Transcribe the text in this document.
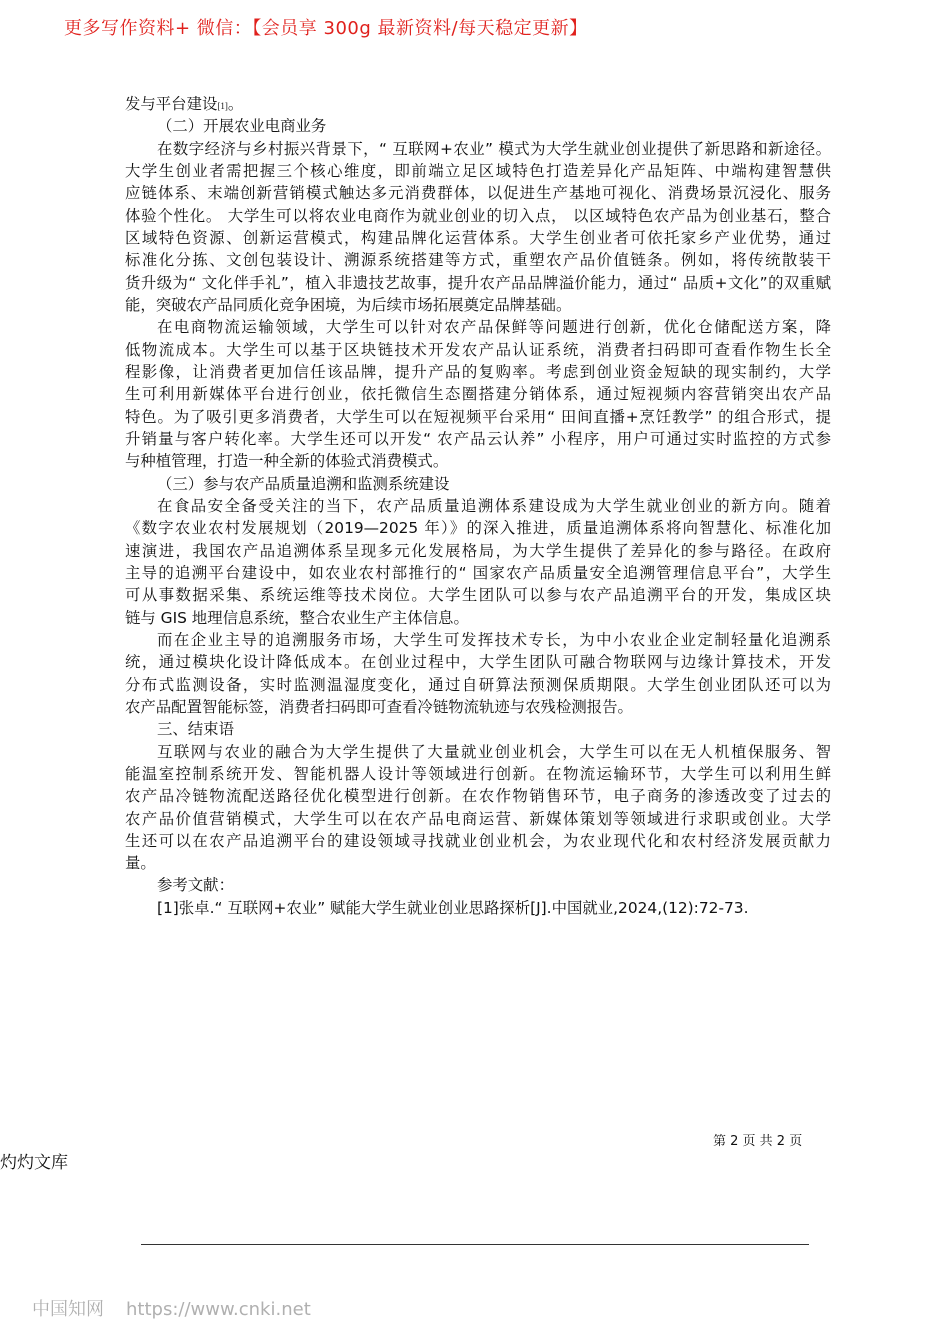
更多写作资料+ 微信：【会员享 300g 最新资料/每天稳定更新】
发与平台建设[1]。
（二）开展农业电商业务
在数字经济与乡村振兴背景下，“ 互联网+农业” 模式为大学生就业创业提供了新思路和新途径。
大学生创业者需把握三个核心维度，即前端立足区域特色打造差异化产品矩阵、中端构建智慧供
应链体系、末端创新营销模式触达多元消费群体，以促进生产基地可视化、消费场景沉浸化、服务
体验个性化。 大学生可以将农业电商作为就业创业的切入点， 以区域特色农产品为创业基石，整合
区域特色资源、创新运营模式，构建品牌化运营体系。大学生创业者可依托家乡产业优势，通过
标准化分拣、文创包装设计、溯源系统搭建等方式，重塑农产品价值链条。例如，将传统散装干
货升级为“ 文化伴手礼”，植入非遗技艺故事，提升农产品品牌溢价能力，通过“ 品质+文化”的双重赋
能，突破农产品同质化竞争困境，为后续市场拓展奠定品牌基础。
在电商物流运输领域，大学生可以针对农产品保鲜等问题进行创新，优化仓储配送方案，降
低物流成本。大学生可以基于区块链技术开发农产品认证系统，消费者扫码即可查看作物生长全
程影像，让消费者更加信任该品牌，提升产品的复购率。考虑到创业资金短缺的现实制约，大学
生可利用新媒体平台进行创业，依托微信生态圈搭建分销体系，通过短视频内容营销突出农产品
特色。为了吸引更多消费者，大学生可以在短视频平台采用“ 田间直播+烹饪教学” 的组合形式，提
升销量与客户转化率。大学生还可以开发“ 农产品云认养” 小程序，用户可通过实时监控的方式参
与种植管理，打造一种全新的体验式消费模式。
（三）参与农产品质量追溯和监测系统建设
在食品安全备受关注的当下，农产品质量追溯体系建设成为大学生就业创业的新方向。随着
《数字农业农村发展规划（2019—2025 年）》的深入推进，质量追溯体系将向智慧化、标准化加
速演进，我国农产品追溯体系呈现多元化发展格局，为大学生提供了差异化的参与路径。在政府
主导的追溯平台建设中，如农业农村部推行的“ 国家农产品质量安全追溯管理信息平台”，大学生
可从事数据采集、系统运维等技术岗位。大学生团队可以参与农产品追溯平台的开发，集成区块
链与 GIS 地理信息系统，整合农业生产主体信息。
而在企业主导的追溯服务市场，大学生可发挥技术专长，为中小农业企业定制轻量化追溯系
统，通过模块化设计降低成本。在创业过程中，大学生团队可融合物联网与边缘计算技术，开发
分布式监测设备，实时监测温湿度变化，通过自研算法预测保质期限。大学生创业团队还可以为
农产品配置智能标签，消费者扫码即可查看冷链物流轨迹与农残检测报告。
三、结束语
互联网与农业的融合为大学生提供了大量就业创业机会，大学生可以在无人机植保服务、智
能温室控制系统开发、智能机器人设计等领域进行创新。在物流运输环节，大学生可以利用生鲜
农产品冷链物流配送路径优化模型进行创新。在农作物销售环节，电子商务的渗透改变了过去的
农产品价值营销模式，大学生可以在农产品电商运营、新媒体策划等领域进行求职或创业。大学
生还可以在农产品追溯平台的建设领域寻找就业创业机会，为农业现代化和农村经济发展贡献力
量。
参考文献：
[1]张卓.“ 互联网+农业” 赋能大学生就业创业思路探析[J].中国就业,2024,(12):72-73.
第 2 页 共 2 页
灼灼文库
中国知网 https://www.cnki.net
